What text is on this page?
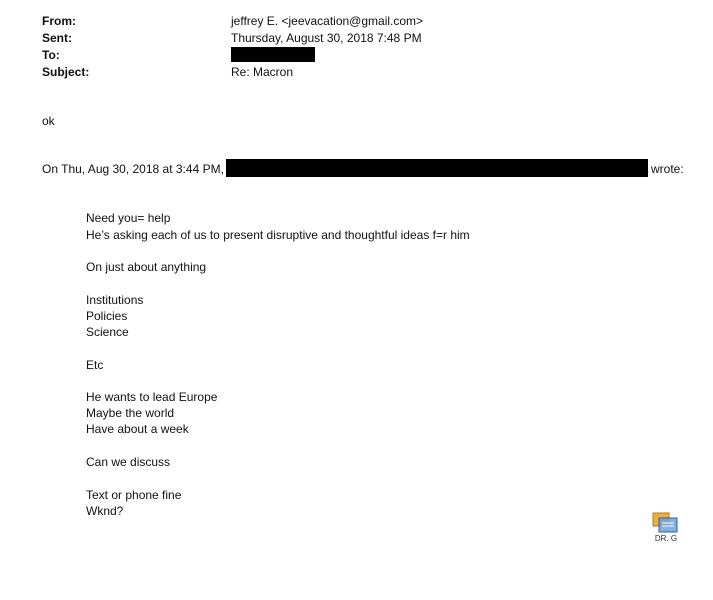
From:	jeffrey E. <jeevacation@gmail.com>
Sent:	Thursday, August 30, 2018 7:48 PM
To:
Subject:	Re: Macron
ok
On Thu, Aug 30, 2018 at 3:44 PM,	wrote:
Need you= help
He’s asking each of us to present disruptive and thoughtful ideas f=r him
On just about anything
Institutions
Policies
Science
Etc
He wants to lead Europe
Maybe the world
Have about a week
Can we discuss
Text or phone fine
Wknd?
DR. G
